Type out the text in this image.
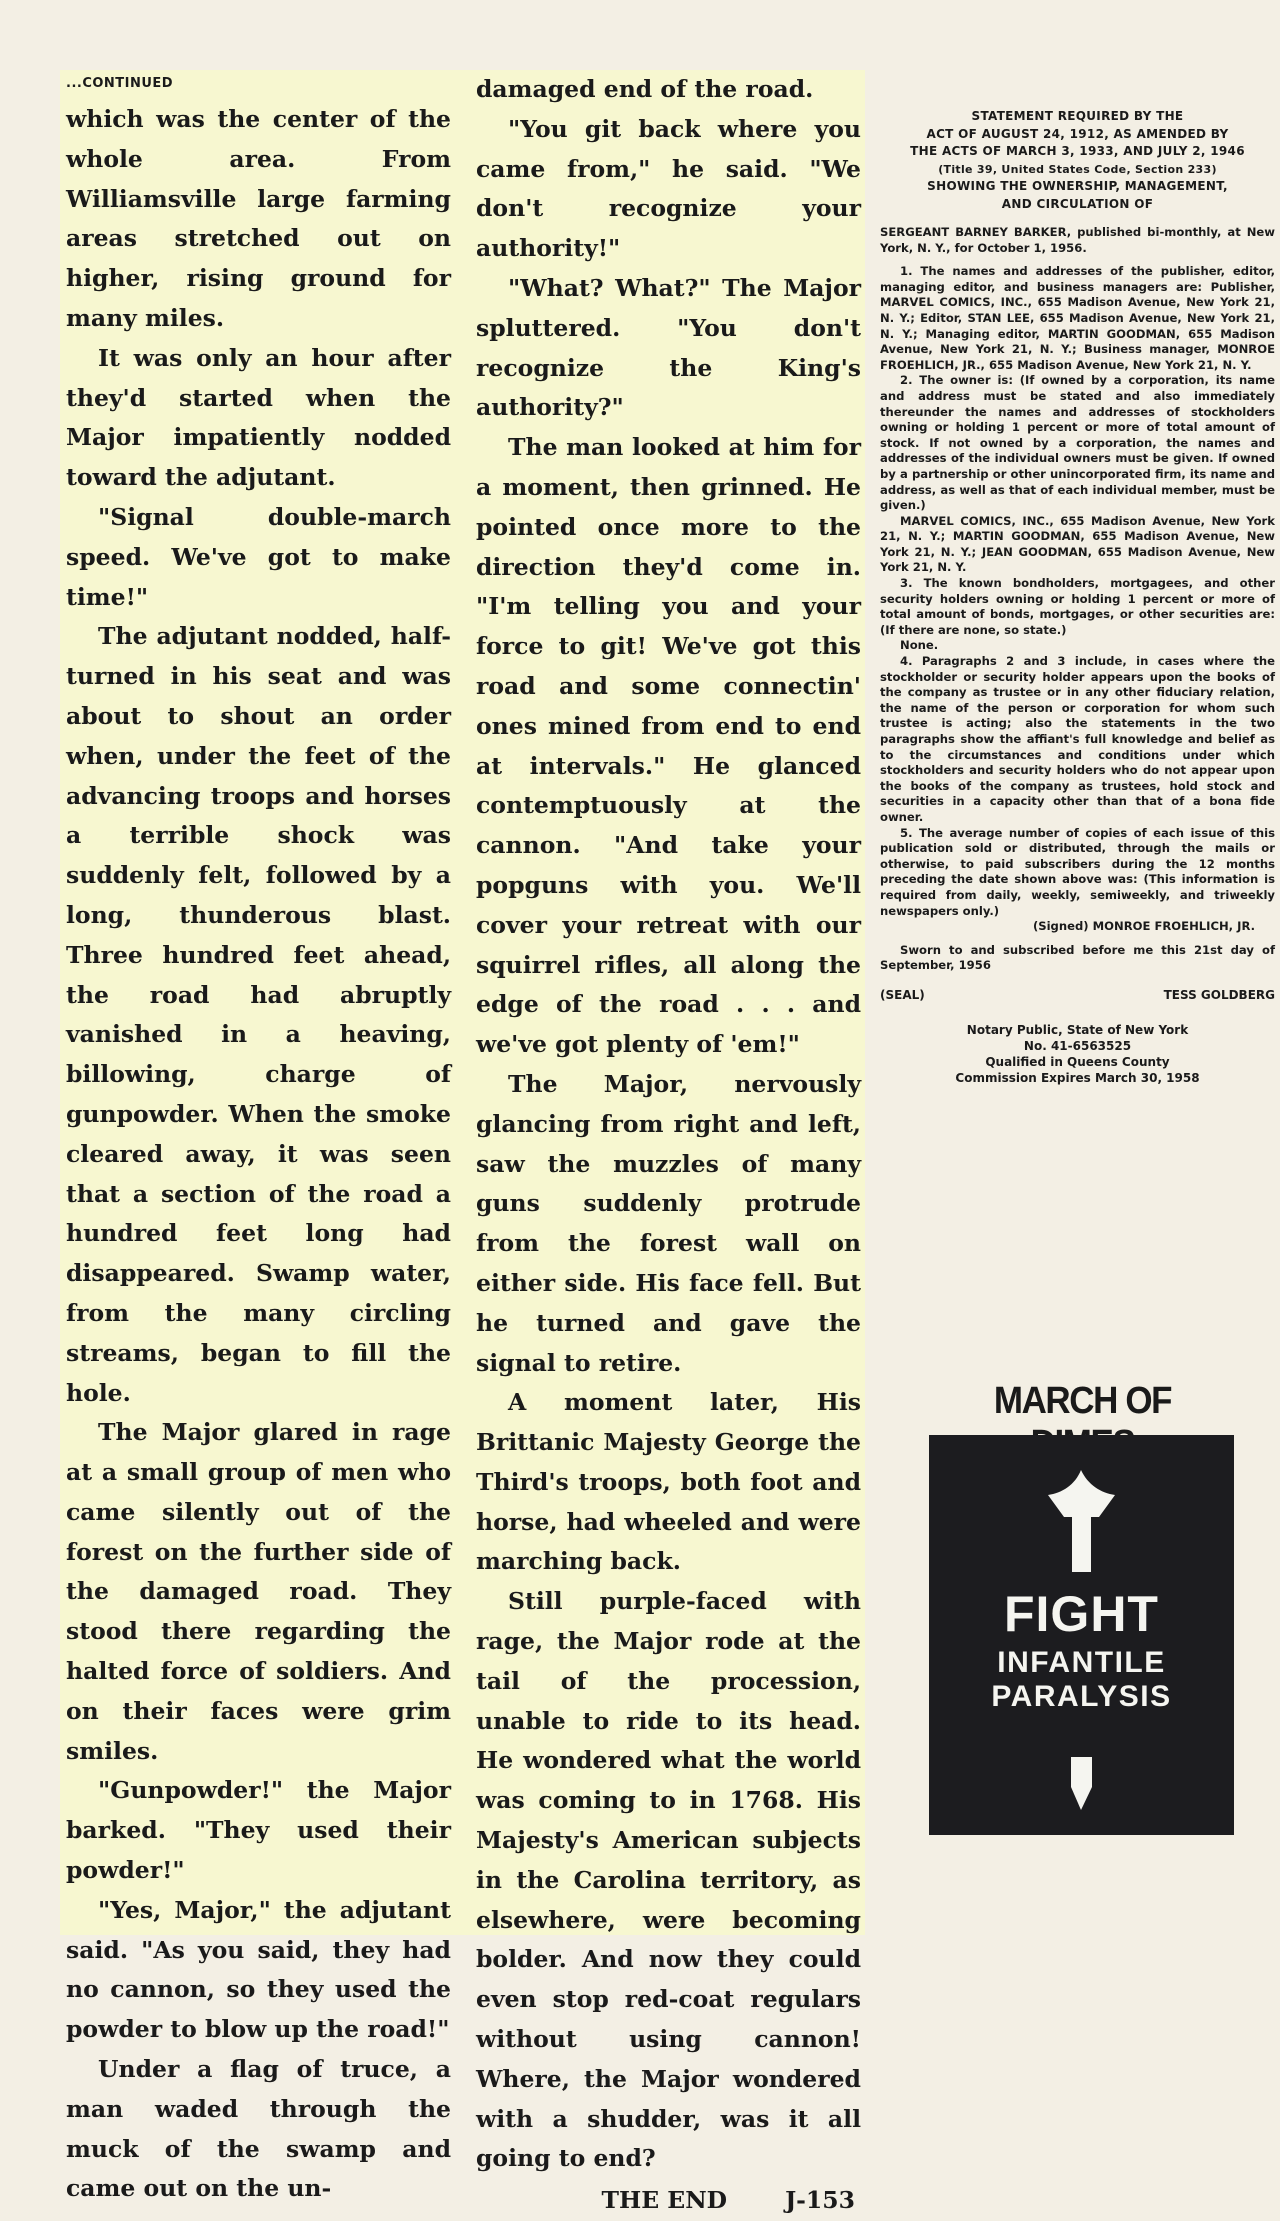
...CONTINUED

which was the center of the whole area. From Williamsville large farming areas stretched out on higher, rising ground for many miles.

It was only an hour after they'd started when the Major impatiently nodded toward the adjutant.

"Signal double-march speed. We've got to make time!"

The adjutant nodded, half-turned in his seat and was about to shout an order when, under the feet of the advancing troops and horses a terrible shock was suddenly felt, followed by a long, thunderous blast. Three hundred feet ahead, the road had abruptly vanished in a heaving, billowing, charge of gunpowder. When the smoke cleared away, it was seen that a section of the road a hundred feet long had disappeared. Swamp water, from the many circling streams, began to fill the hole.

The Major glared in rage at a small group of men who came silently out of the forest on the further side of the damaged road. They stood there regarding the halted force of soldiers. And on their faces were grim smiles.

"Gunpowder!" the Major barked. "They used their powder!"

"Yes, Major," the adjutant said. "As you said, they had no cannon, so they used the powder to blow up the road!"

Under a flag of truce, a man waded through the muck of the swamp and came out on the un-

damaged end of the road.

"You git back where you came from," he said. "We don't recognize your authority!"

"What? What?" The Major spluttered. "You don't recognize the King's authority?"

The man looked at him for a moment, then grinned. He pointed once more to the direction they'd come in. "I'm telling you and your force to git! We've got this road and some connectin' ones mined from end to end at intervals." He glanced contemptuously at the cannon. "And take your popguns with you. We'll cover your retreat with our squirrel rifles, all along the edge of the road . . . and we've got plenty of 'em!"

The Major, nervously glancing from right and left, saw the muzzles of many guns suddenly protrude from the forest wall on either side. His face fell. But he turned and gave the signal to retire.

A moment later, His Brittanic Majesty George the Third's troops, both foot and horse, had wheeled and were marching back.

Still purple-faced with rage, the Major rode at the tail of the procession, unable to ride to its head. He wondered what the world was coming to in 1768. His Majesty's American subjects in the Carolina territory, as elsewhere, were becoming bolder. And now they could even stop red-coat regulars without using cannon! Where, the Major wondered with a shudder, was it all going to end?

THE END J-153
STATEMENT REQUIRED BY THE
ACT OF AUGUST 24, 1912, AS AMENDED BY
THE ACTS OF MARCH 3, 1933, AND JULY 2, 1946
(Title 39, United States Code, Section 233)
SHOWING THE OWNERSHIP, MANAGEMENT,
AND CIRCULATION OF

SERGEANT BARNEY BARKER, published bi-monthly, at New York, N. Y., for October 1, 1956.

1. The names and addresses of the publisher, editor, managing editor, and business managers are: Publisher, MARVEL COMICS, INC., 655 Madison Avenue, New York 21, N. Y.; Editor, STAN LEE, 655 Madison Avenue, New York 21, N. Y.; Managing editor, MARTIN GOODMAN, 655 Madison Avenue, New York 21, N. Y.; Business manager, MONROE FROEHLICH, JR., 655 Madison Avenue, New York 21, N. Y.

2. The owner is: (If owned by a corporation, its name and address must be stated and also immediately thereunder the names and addresses of stockholders owning or holding 1 percent or more of total amount of stock. If not owned by a corporation, the names and addresses of the individual owners must be given. If owned by a partnership or other unincorporated firm, its name and address, as well as that of each individual member, must be given.)

MARVEL COMICS, INC., 655 Madison Avenue, New York 21, N. Y.; MARTIN GOODMAN, 655 Madison Avenue, New York 21, N. Y.; JEAN GOODMAN, 655 Madison Avenue, New York 21, N. Y.

3. The known bondholders, mortgagees, and other security holders owning or holding 1 percent or more of total amount of bonds, mortgages, or other securities are: (If there are none, so state.)

None.

4. Paragraphs 2 and 3 include, in cases where the stockholder or security holder appears upon the books of the company as trustee or in any other fiduciary relation, the name of the person or corporation for whom such trustee is acting; also the statements in the two paragraphs show the affiant's full knowledge and belief as to the circumstances and conditions under which stockholders and security holders who do not appear upon the books of the company as trustees, hold stock and securities in a capacity other than that of a bona fide owner.

5. The average number of copies of each issue of this publication sold or distributed, through the mails or otherwise, to paid subscribers during the 12 months preceding the date shown above was: (This information is required from daily, weekly, semiweekly, and triweekly newspapers only.)

(Signed) MONROE FROEHLICH, JR.

Sworn to and subscribed before me this 21st day of September, 1956

(SEAL)	TESS GOLDBERG
Notary Public, State of New York
No. 41-6563525
Qualified in Queens County
Commission Expires March 30, 1958
MARCH OF
FIGHT
INFANTILE
PARALYSIS
